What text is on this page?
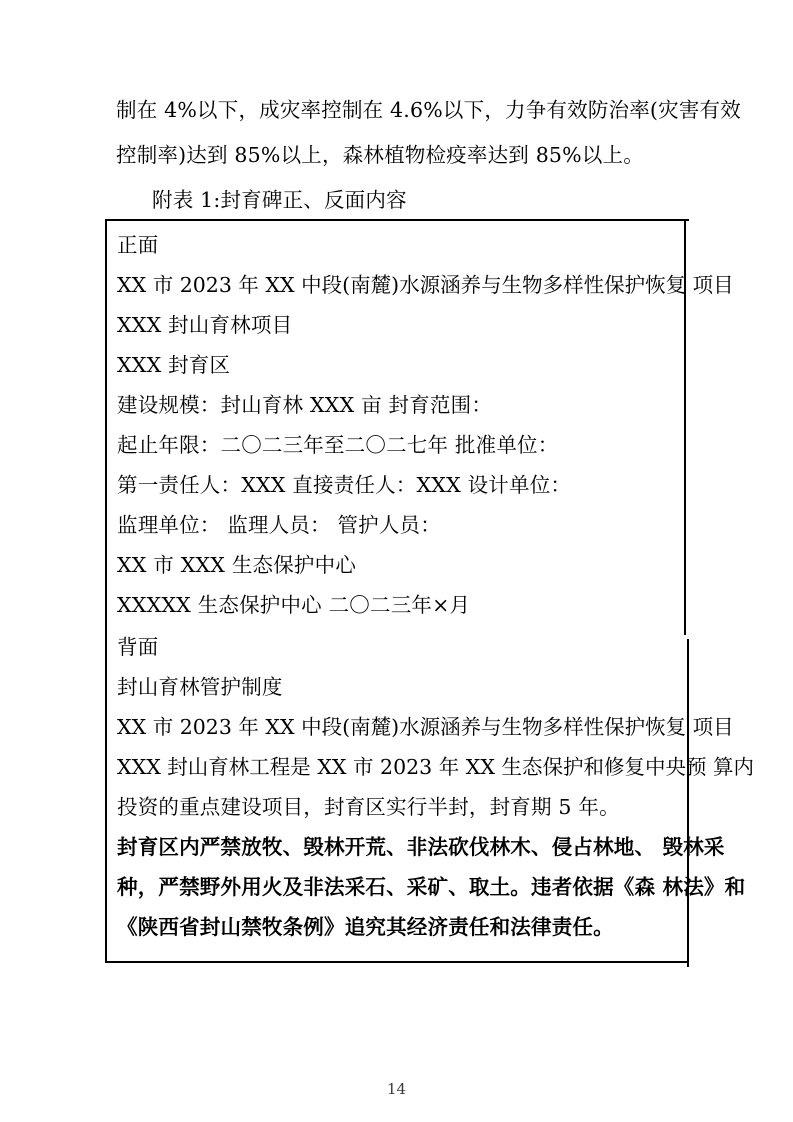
制在 4%以下，成灾率控制在 4.6%以下，力争有效防治率(灾害有效
控制率)达到 85%以上，森林植物检疫率达到 85%以上。
附表 1:封育碑正、反面内容
正面
XX 市 2023 年 XX 中段(南麓)水源涵养与生物多样性保护恢复 项目
XXX 封山育林项目
XXX 封育区
建设规模：封山育林 XXX 亩 封育范围：
起止年限：二〇二三年至二〇二七年 批准单位：
第一责任人：XXX 直接责任人：XXX 设计单位：
监理单位： 监理人员： 管护人员：
XX 市 XXX 生态保护中心
XXXXX 生态保护中心 二〇二三年×月
背面
封山育林管护制度
XX 市 2023 年 XX 中段(南麓)水源涵养与生物多样性保护恢复 项目
XXX 封山育林工程是 XX 市 2023 年 XX 生态保护和修复中央预 算内
投资的重点建设项目，封育区实行半封，封育期 5 年。
封育区内严禁放牧、毁林开荒、非法砍伐林木、侵占林地、 毁林采
种，严禁野外用火及非法采石、采矿、取土。违者依据《森 林法》和
《陕西省封山禁牧条例》追究其经济责任和法律责任。
14
